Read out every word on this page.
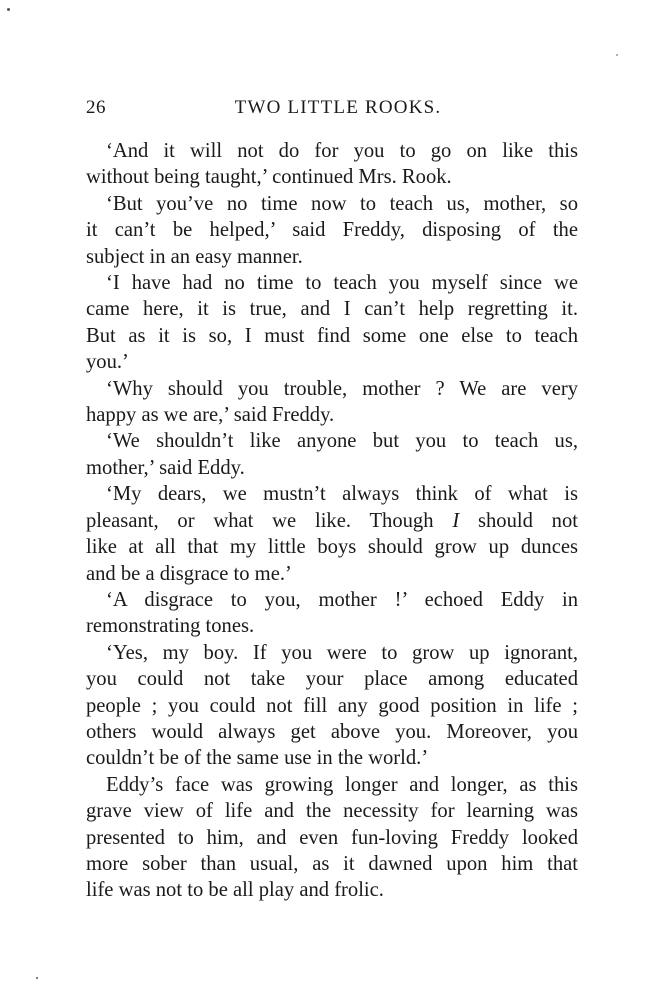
26	TWO LITTLE ROOKS.
‘And it will not do for you to go on like this
without being taught,’ continued Mrs. Rook.
‘But you’ve no time now to teach us, mother, so
it can’t be helped,’ said Freddy, disposing of the
subject in an easy manner.
‘I have had no time to teach you myself since we
came here, it is true, and I can’t help regretting it.
But as it is so, I must find some one else to teach
you.’
‘Why should you trouble, mother ? We are very
happy as we are,’ said Freddy.
‘We shouldn’t like anyone but you to teach us,
mother,’ said Eddy.
‘My dears, we mustn’t always think of what is
pleasant, or what we like. Though I should not
like at all that my little boys should grow up dunces
and be a disgrace to me.’
‘A disgrace to you, mother !’ echoed Eddy in
remonstrating tones.
‘Yes, my boy. If you were to grow up ignorant,
you could not take your place among educated
people ; you could not fill any good position in life ;
others would always get above you. Moreover, you
couldn’t be of the same use in the world.’
Eddy’s face was growing longer and longer, as this
grave view of life and the necessity for learning was
presented to him, and even fun-loving Freddy looked
more sober than usual, as it dawned upon him that
life was not to be all play and frolic.
